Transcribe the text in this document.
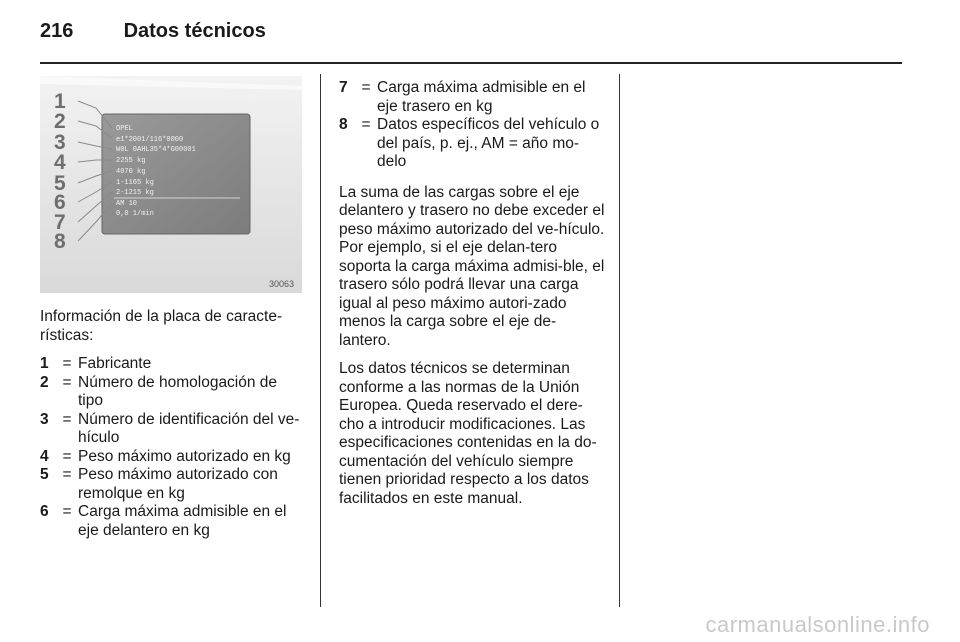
216	Datos técnicos
OPEL
e1*2001/116*0000
W0L 0AHL35*4*G00001
2255 kg
4070 kg
1-1165 kg
2-1215 kg
AM 10
0,0 1/min
1
2
3
4
5
6
7
8
30063

Información de la placa de caracte-rísticas:

1 = Fabricante
2 = Número de homologación de tipo
3 = Número de identificación del ve-hículo
4 = Peso máximo autorizado en kg
5 = Peso máximo autorizado con remolque en kg
6 = Carga máxima admisible en el eje delantero en kg
7 = Carga máxima admisible en el eje trasero en kg
8 = Datos específicos del vehículo o del país, p. ej., AM = año mo-delo

La suma de las cargas sobre el eje delantero y trasero no debe exceder el peso máximo autorizado del ve-hículo. Por ejemplo, si el eje delan-tero soporta la carga máxima admisi-ble, el trasero sólo podrá llevar una carga igual al peso máximo autori-zado menos la carga sobre el eje de-lantero.

Los datos técnicos se determinan conforme a las normas de la Unión Europea. Queda reservado el dere-cho a introducir modificaciones. Las especificaciones contenidas en la do-cumentación del vehículo siempre tienen prioridad respecto a los datos facilitados en este manual.

carmanualsonline.info
